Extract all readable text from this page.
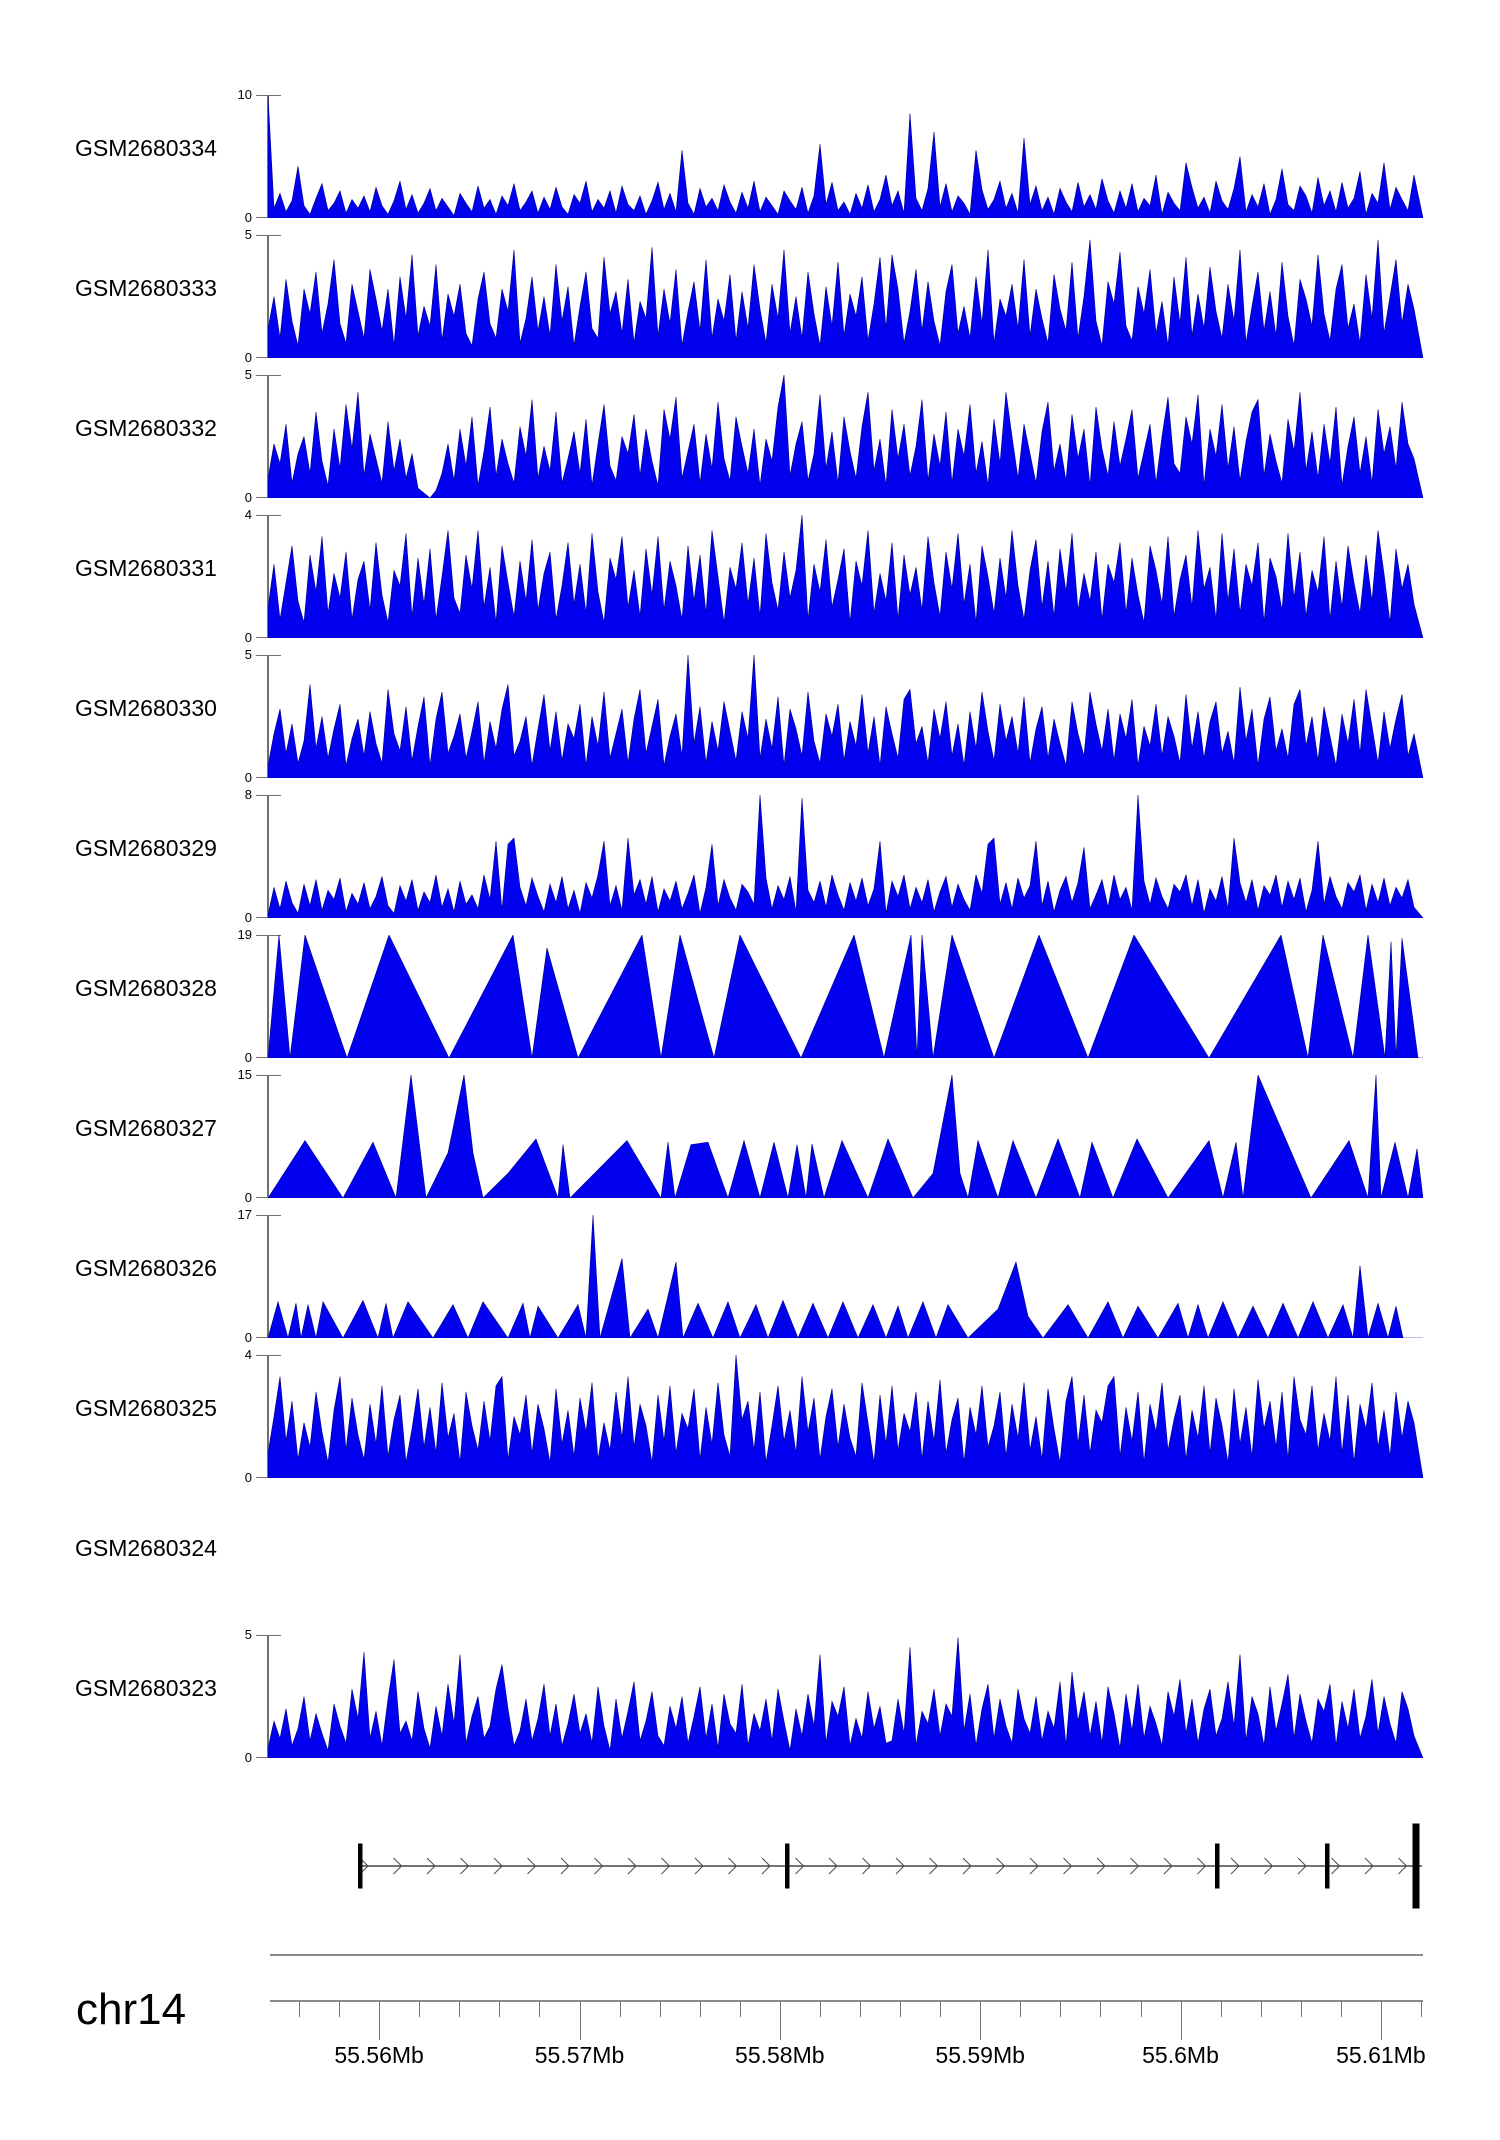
GSM2680334
10
0
GSM2680333
5
0
GSM2680332
5
0
GSM2680331
4
0
GSM2680330
5
0
GSM2680329
8
0
GSM2680328
19
0
GSM2680327
15
0
GSM2680326
17
0
GSM2680325
4
0
GSM2680324
GSM2680323
5
0
55.56Mb	55.57Mb	55.58Mb	55.59Mb	55.6Mb	55.61Mb
chr14
